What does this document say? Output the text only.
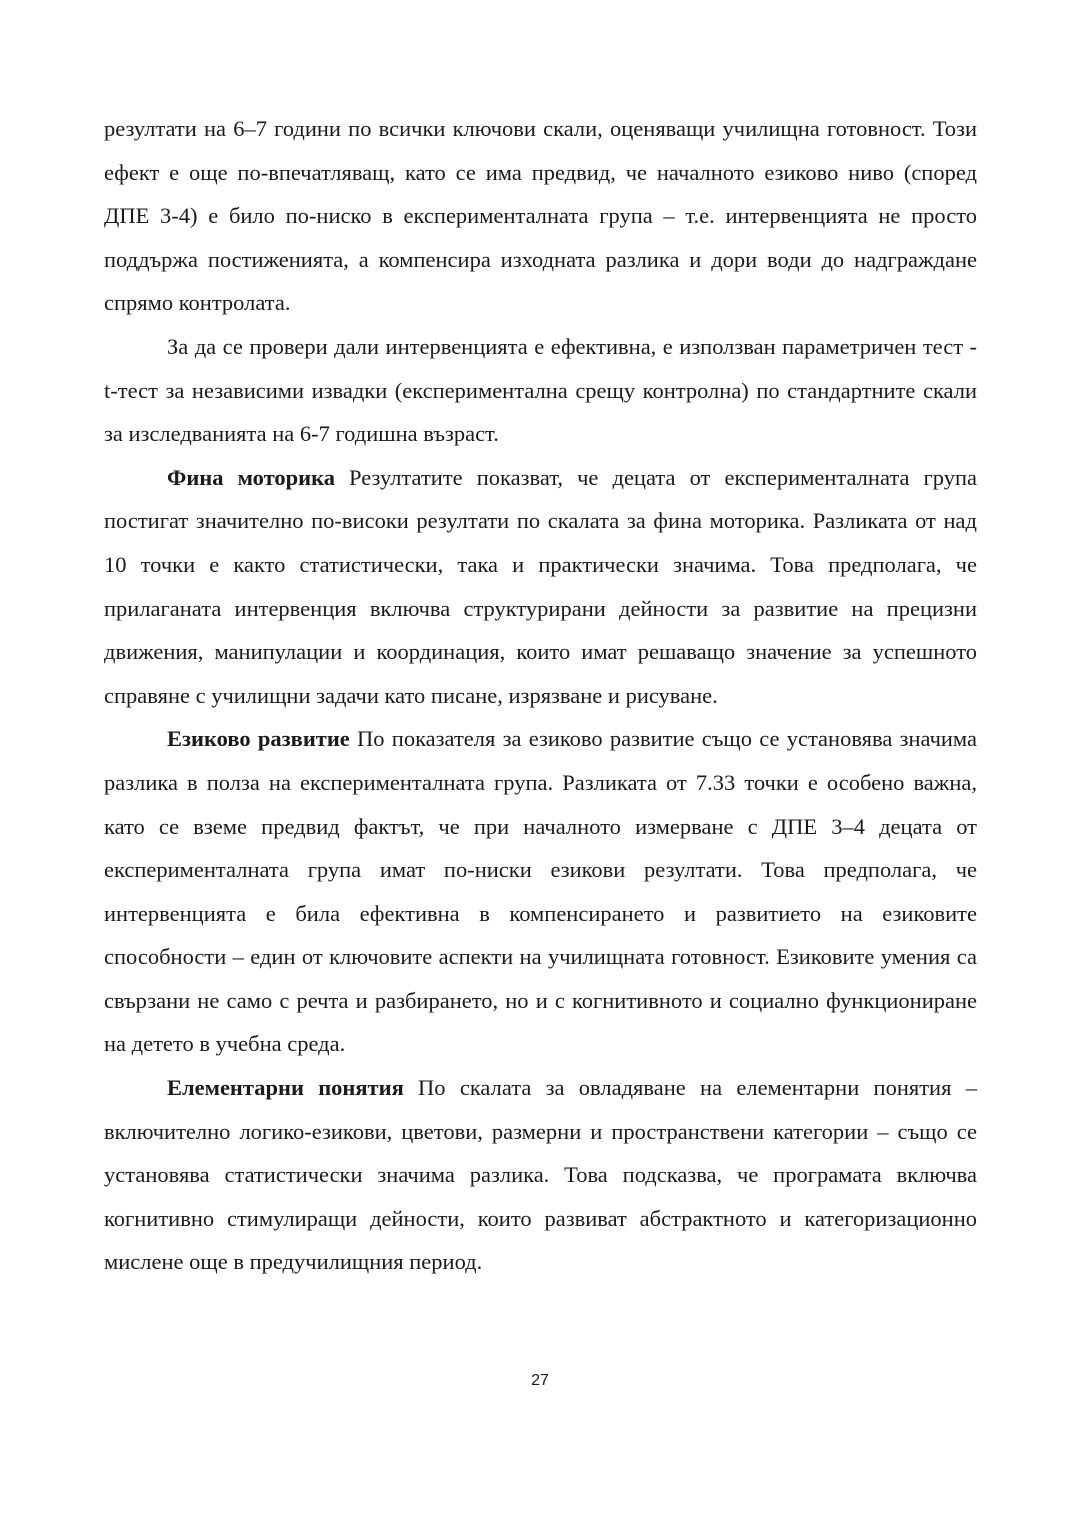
резултати на 6–7 години по всички ключови скали, оценяващи училищна готовност. Този ефект е още по-впечатляващ, като се има предвид, че началното езиково ниво (според ДПЕ 3-4) е било по-ниско в експерименталната група – т.е. интервенцията не просто поддържа постиженията, а компенсира изходната разлика и дори води до надграждане спрямо контролата.

За да се провери дали интервенцията е ефективна, е използван параметричен тест - t-тест за независими извадки (експериментална срещу контролна) по стандартните скали за изследванията на 6-7 годишна възраст.

Фина моторика Резултатите показват, че децата от експерименталната група постигат значително по-високи резултати по скалата за фина моторика. Разликата от над 10 точки е както статистически, така и практически значима. Това предполага, че прилаганата интервенция включва структурирани дейности за развитие на прецизни движения, манипулации и координация, които имат решаващо значение за успешното справяне с училищни задачи като писане, изрязване и рисуване.

Езиково развитие По показателя за езиково развитие също се установява значима разлика в полза на експерименталната група. Разликата от 7.33 точки е особено важна, като се вземе предвид фактът, че при началното измерване с ДПЕ 3–4 децата от експерименталната група имат по-ниски езикови резултати. Това предполага, че интервенцията е била ефективна в компенсирането и развитието на езиковите способности – един от ключовите аспекти на училищната готовност. Езиковите умения са свързани не само с речта и разбирането, но и с когнитивното и социално функциониране на детето в учебна среда.

Елементарни понятия По скалата за овладяване на елементарни понятия – включително логико-езикови, цветови, размерни и пространствени категории – също се установява статистически значима разлика. Това подсказва, че програмата включва когнитивно стимулиращи дейности, които развиват абстрактното и категоризационно мислене още в предучилищния период.

27
